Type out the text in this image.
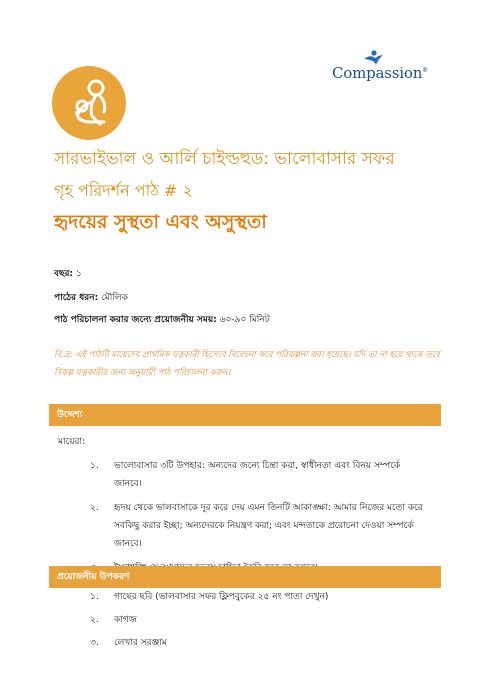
Compassion®
সারভাইভাল ও আর্লি চাইল্ডহুড: ভালোবাসার সফর
গৃহ পরিদর্শন পাঠ # ২
হৃদয়ের সুস্থতা এবং অসুস্থতা
বছর: ১
পাঠের ধরন: মৌলিক
পাঠ পরিচালনা করার জন্যে প্রয়োজনীয় সময়: ৬০-৯০ মিনিট
বি.দ্র: এই পাঠটি মায়েদের প্রাথমিক যত্নকারী হিসেবে বিবেচনা করে পরিকল্পনা করা হয়েছে। যদি তা না হয়ে থাকে তবে বিকল্প যত্নকারীর জন্য অনুযায়ী পাঠ পরিচালনা করুন।
উদ্দেশ্য
মায়েরা:
১. ভালোবাসার ৩টি উপহার: অন্যদের জন্যে চিন্তা করা, স্বাধীনতা এবং বিনয় সম্পর্কে জানবে।
২. হৃদয় থেকে ভালবাসাকে দূর করে দেয় এমন তিনটি আকাঙ্ক্ষা: আমার নিজের মতো করে সবকিছু করার ইচ্ছা; অন্যদেরকে নিয়ন্ত্রণ করা; এবং মন্দতাকে প্ররোচনা দেওয়া সম্পর্কে জানবে।
প্রয়োজনীয় উপকরণ
১. গাছের ছবি (ভালবাসার সফর ফ্লিপবুকের ২৫ নং পাতা দেখুন)
২. কাগজ
৩. লেখার সরঞ্জাম
